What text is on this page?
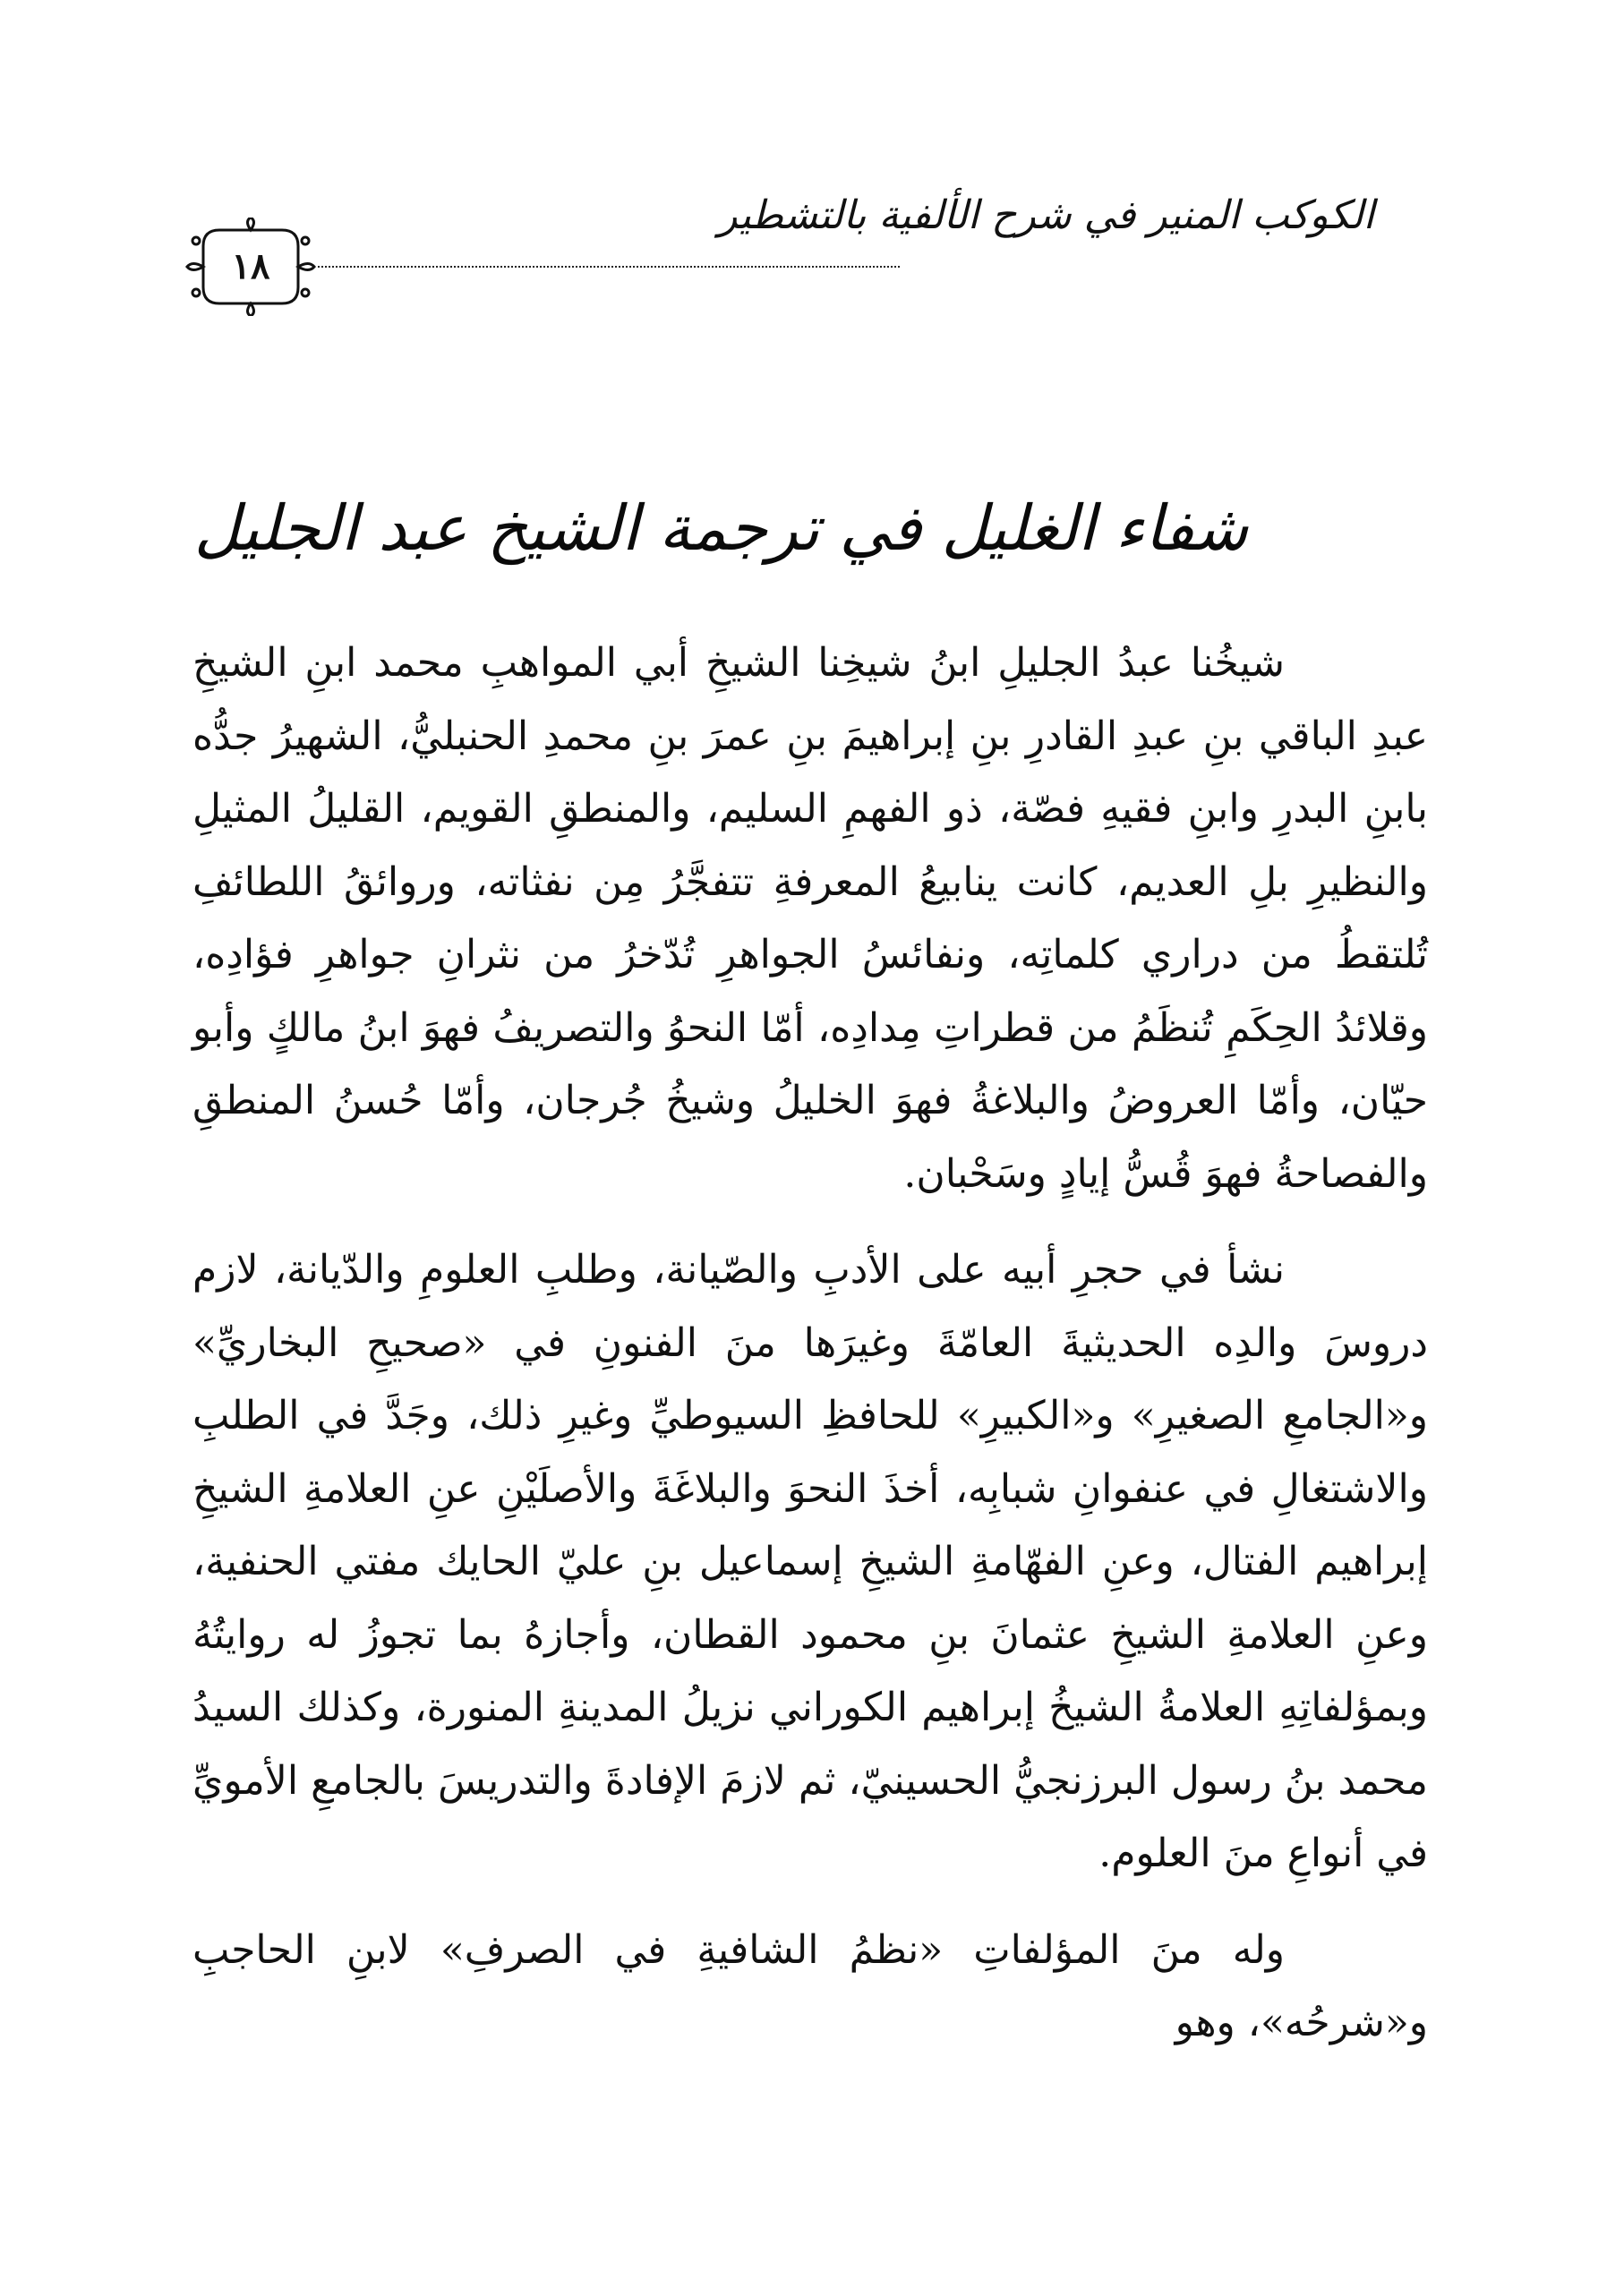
الكوكب المنير في شرح الألفية بالتشطير
١٨
شفاء الغليل في ترجمة الشيخ عبد الجليل

شيخُنا عبدُ الجليلِ ابنُ شيخِنا الشيخِ أبي المواهبِ محمد ابنِ الشيخِ عبدِ الباقي بنِ عبدِ القادرِ بنِ إبراهيمَ بنِ عمرَ بنِ محمدِ الحنبليُّ، الشهيرُ جدُّه بابنِ البدرِ وابنِ فقيهِ فصّة، ذو الفهمِ السليم، والمنطقِ القويم، القليلُ المثيلِ والنظيرِ بلِ العديم، كانت ينابيعُ المعرفةِ تتفجَّرُ مِن نفثاته، وروائقُ اللطائفِ تُلتقطُ من دراري كلماتِه، ونفائسُ الجواهرِ تُدّخرُ من نثرانِ جواهرِ فؤادِه، وقلائدُ الحِكَمِ تُنظَمُ من قطراتِ مِدادِه، أمّا النحوُ والتصريفُ فهوَ ابنُ مالكٍ وأبو حيّان، وأمّا العروضُ والبلاغةُ فهوَ الخليلُ وشيخُ جُرجان، وأمّا حُسنُ المنطقِ والفصاحةُ فهوَ قُسُّ إيادٍ وسَحْبان.

نشأ في حجرِ أبيه على الأدبِ والصّيانة، وطلبِ العلومِ والدّيانة، لازم دروسَ والدِه الحديثيةَ العامّةَ وغيرَها منَ الفنونِ في «صحيحِ البخاريِّ» و«الجامعِ الصغيرِ» و«الكبيرِ» للحافظِ السيوطيِّ وغيرِ ذلك، وجَدَّ في الطلبِ والاشتغالِ في عنفوانِ شبابِه، أخذَ النحوَ والبلاغَةَ والأصلَيْنِ عنِ العلامةِ الشيخِ إبراهيم الفتال، وعنِ الفهّامةِ الشيخِ إسماعيل بنِ عليّ الحايك مفتي الحنفية، وعنِ العلامةِ الشيخِ عثمانَ بنِ محمود القطان، وأجازهُ بما تجوزُ له روايتُهُ وبمؤلفاتِهِ العلامةُ الشيخُ إبراهيم الكوراني نزيلُ المدينةِ المنورة، وكذلك السيدُ محمد بنُ رسول البرزنجيُّ الحسينيّ، ثم لازمَ الإفادةَ والتدريسَ بالجامعِ الأمويِّ في أنواعِ منَ العلوم.

وله منَ المؤلفاتِ «نظمُ الشافيةِ في الصرفِ» لابنِ الحاجبِ و«شرحُه»، وهو
